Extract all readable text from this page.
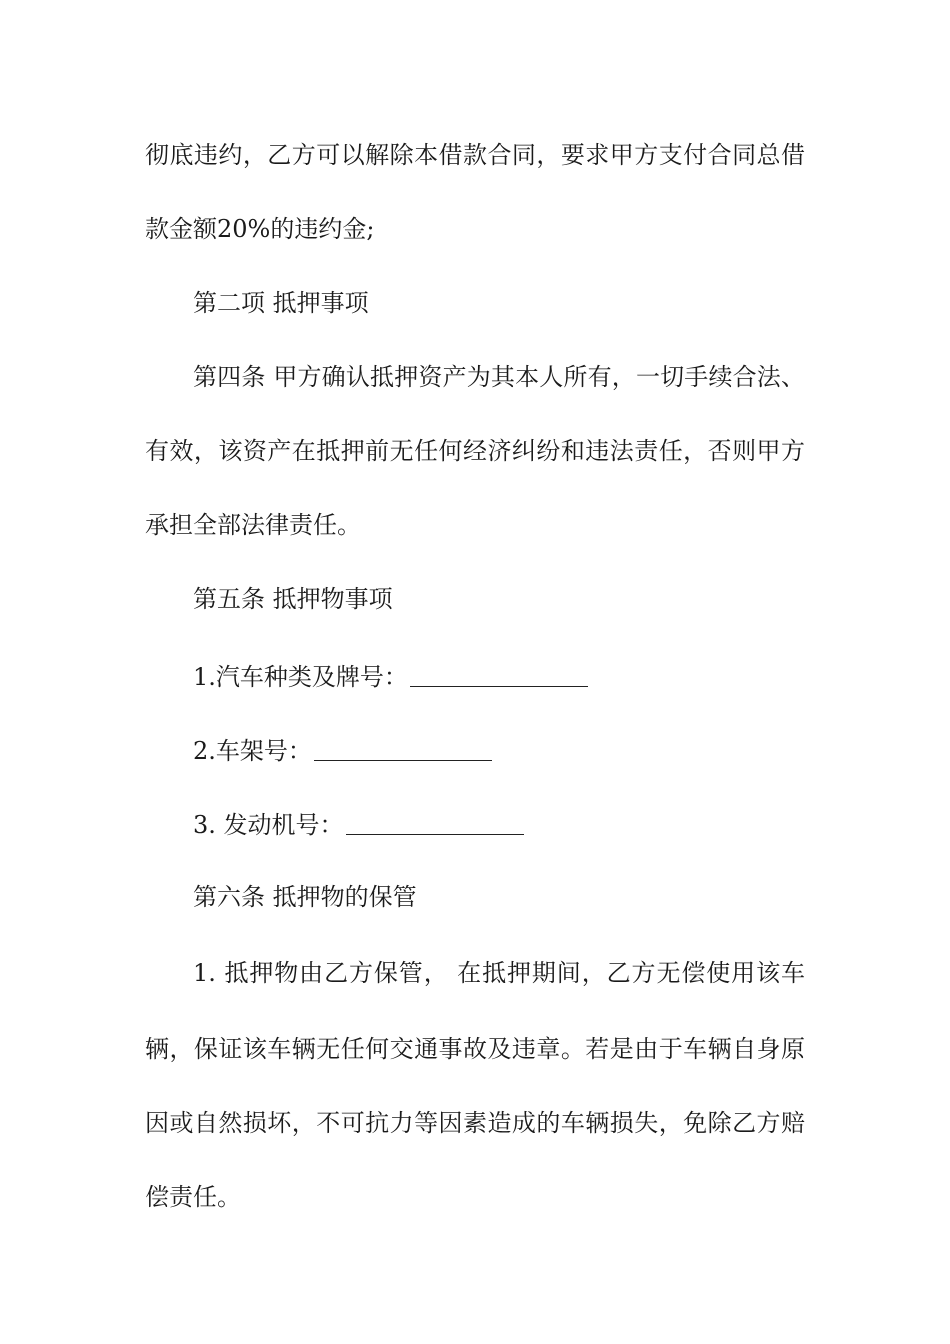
彻底违约，乙方可以解除本借款合同，要求甲方支付合同总借
款金额20%的违约金;
第二项 抵押事项
第四条 甲方确认抵押资产为其本人所有，一切手续合法、
有效，该资产在抵押前无任何经济纠纷和违法责任，否则甲方
承担全部法律责任。
第五条 抵押物事项
1.汽车种类及牌号：
2.车架号：
3. 发动机号：
第六条 抵押物的保管
1. 抵押物由乙方保管， 在抵押期间，乙方无偿使用该车
辆，保证该车辆无任何交通事故及违章。若是由于车辆自身原
因或自然损坏，不可抗力等因素造成的车辆损失，免除乙方赔
偿责任。
